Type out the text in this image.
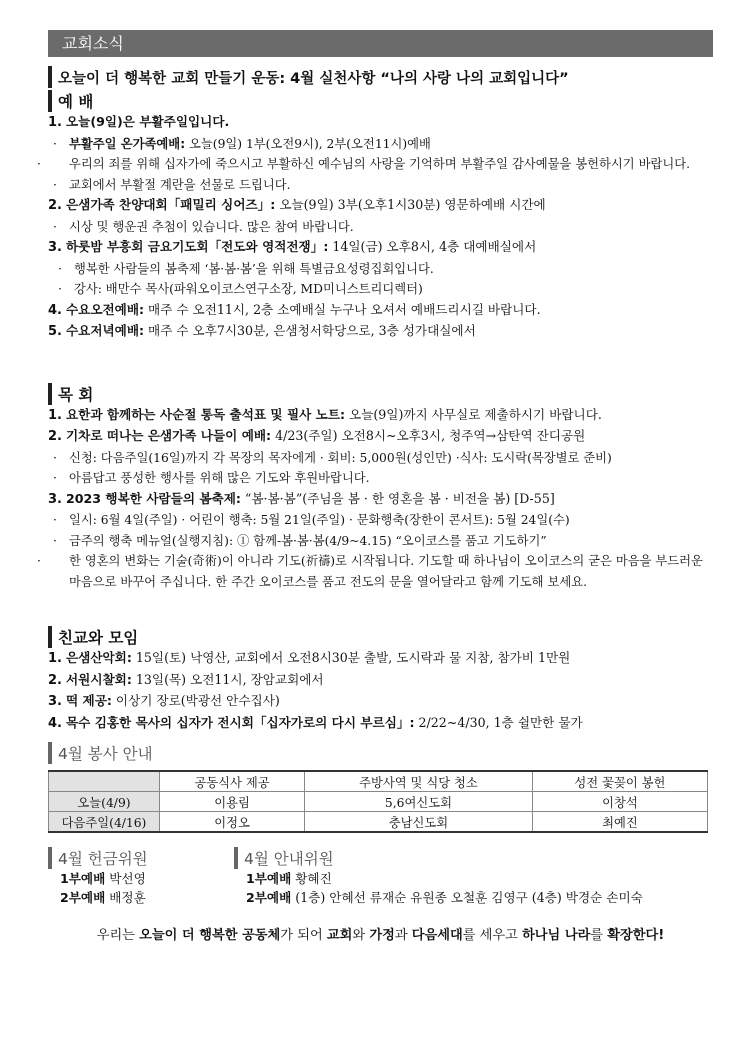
교회소식
오늘이 더 행복한 교회 만들기 운동: 4월 실천사항 “나의 사랑 나의 교회입니다”
예 배
1. 오늘(9일)은 부활주일입니다.
· 부활주일 온가족예배: 오늘(9일) 1부(오전9시), 2부(오전11시)예배
· 우리의 죄를 위해 십자가에 죽으시고 부활하신 예수님의 사랑을 기억하며 부활주일 감사예물을 봉헌하시기 바랍니다.
· 교회에서 부활절 계란을 선물로 드립니다.
2. 은샘가족 찬양대회「패밀리 싱어즈」: 오늘(9일) 3부(오후1시30분) 영문하예배 시간에
· 시상 및 행운권 추첨이 있습니다. 많은 참여 바랍니다.
3. 하룻밤 부흥회 금요기도회「전도와 영적전쟁」: 14일(금) 오후8시, 4층 대예배실에서
· 행복한 사람들의 봄축제 ‘봄·봄·봄’을 위해 특별금요성령집회입니다.
· 강사: 배만수 목사(파워오이코스연구소장, MD미니스트리디렉터)
4. 수요오전예배: 매주 수 오전11시, 2층 소예배실 누구나 오셔서 예배드리시길 바랍니다.
5. 수요저녁예배: 매주 수 오후7시30분, 은샘청서학당으로, 3층 성가대실에서
목 회
1. 요한과 함께하는 사순절 통독 출석표 및 필사 노트: 오늘(9일)까지 사무실로 제출하시기 바랍니다.
2. 기차로 떠나는 은샘가족 나들이 예배: 4/23(주일) 오전8시~오후3시, 청주역→삼탄역 잔디공원
· 신청: 다음주일(16일)까지 각 목장의 목자에게 · 회비: 5,000원(성인만) ·식사: 도시락(목장별로 준비)
· 아름답고 풍성한 행사를 위해 많은 기도와 후원바랍니다.
3. 2023 행복한 사람들의 봄축제: “봄·봄·봄”(주님을 봄 · 한 영혼을 봄 · 비전을 봄) [D-55]
· 일시: 6월 4일(주일) · 어린이 행축: 5월 21일(주일) · 문화행축(장한이 콘서트): 5월 24일(수)
· 금주의 행축 메뉴얼(실행지침): ① 함께-봄·봄·봄(4/9~4.15) “오이코스를 품고 기도하기”
· 한 영혼의 변화는 기술(奇術)이 아니라 기도(祈禱)로 시작됩니다. 기도할 때 하나님이 오이코스의 굳은 마음을 부드러운 마음으로 바꾸어 주십니다. 한 주간 오이코스를 품고 전도의 문을 열어달라고 함께 기도해 보세요.
친교와 모임
1. 은샘산악회: 15일(토) 낙영산, 교회에서 오전8시30분 출발, 도시락과 물 지참, 참가비 1만원
2. 서원시찰회: 13일(목) 오전11시, 장암교회에서
3. 떡 제공: 이상기 장로(박광선 안수집사)
4. 목수 김홍한 목사의 십자가 전시회「십자가로의 다시 부르심」: 2/22~4/30, 1층 쉴만한 물가
4월 봉사 안내
	공동식사 제공	주방사역 및 식당 청소	성전 꽃꽂이 봉헌
오늘(4/9)	이용림	5,6여신도회	이창석
다음주일(4/16)	이정오	충남신도회	최예진
4월 헌금위원
1부예배 박선영
2부예배 배정훈
4월 안내위원
1부예배 황혜진
2부예배 (1층) 안혜선 류재순 유원종 오철훈 김영구 (4층) 박경순 손미숙
우리는 오늘이 더 행복한 공동체가 되어 교회와 가정과 다음세대를 세우고 하나님 나라를 확장한다!
